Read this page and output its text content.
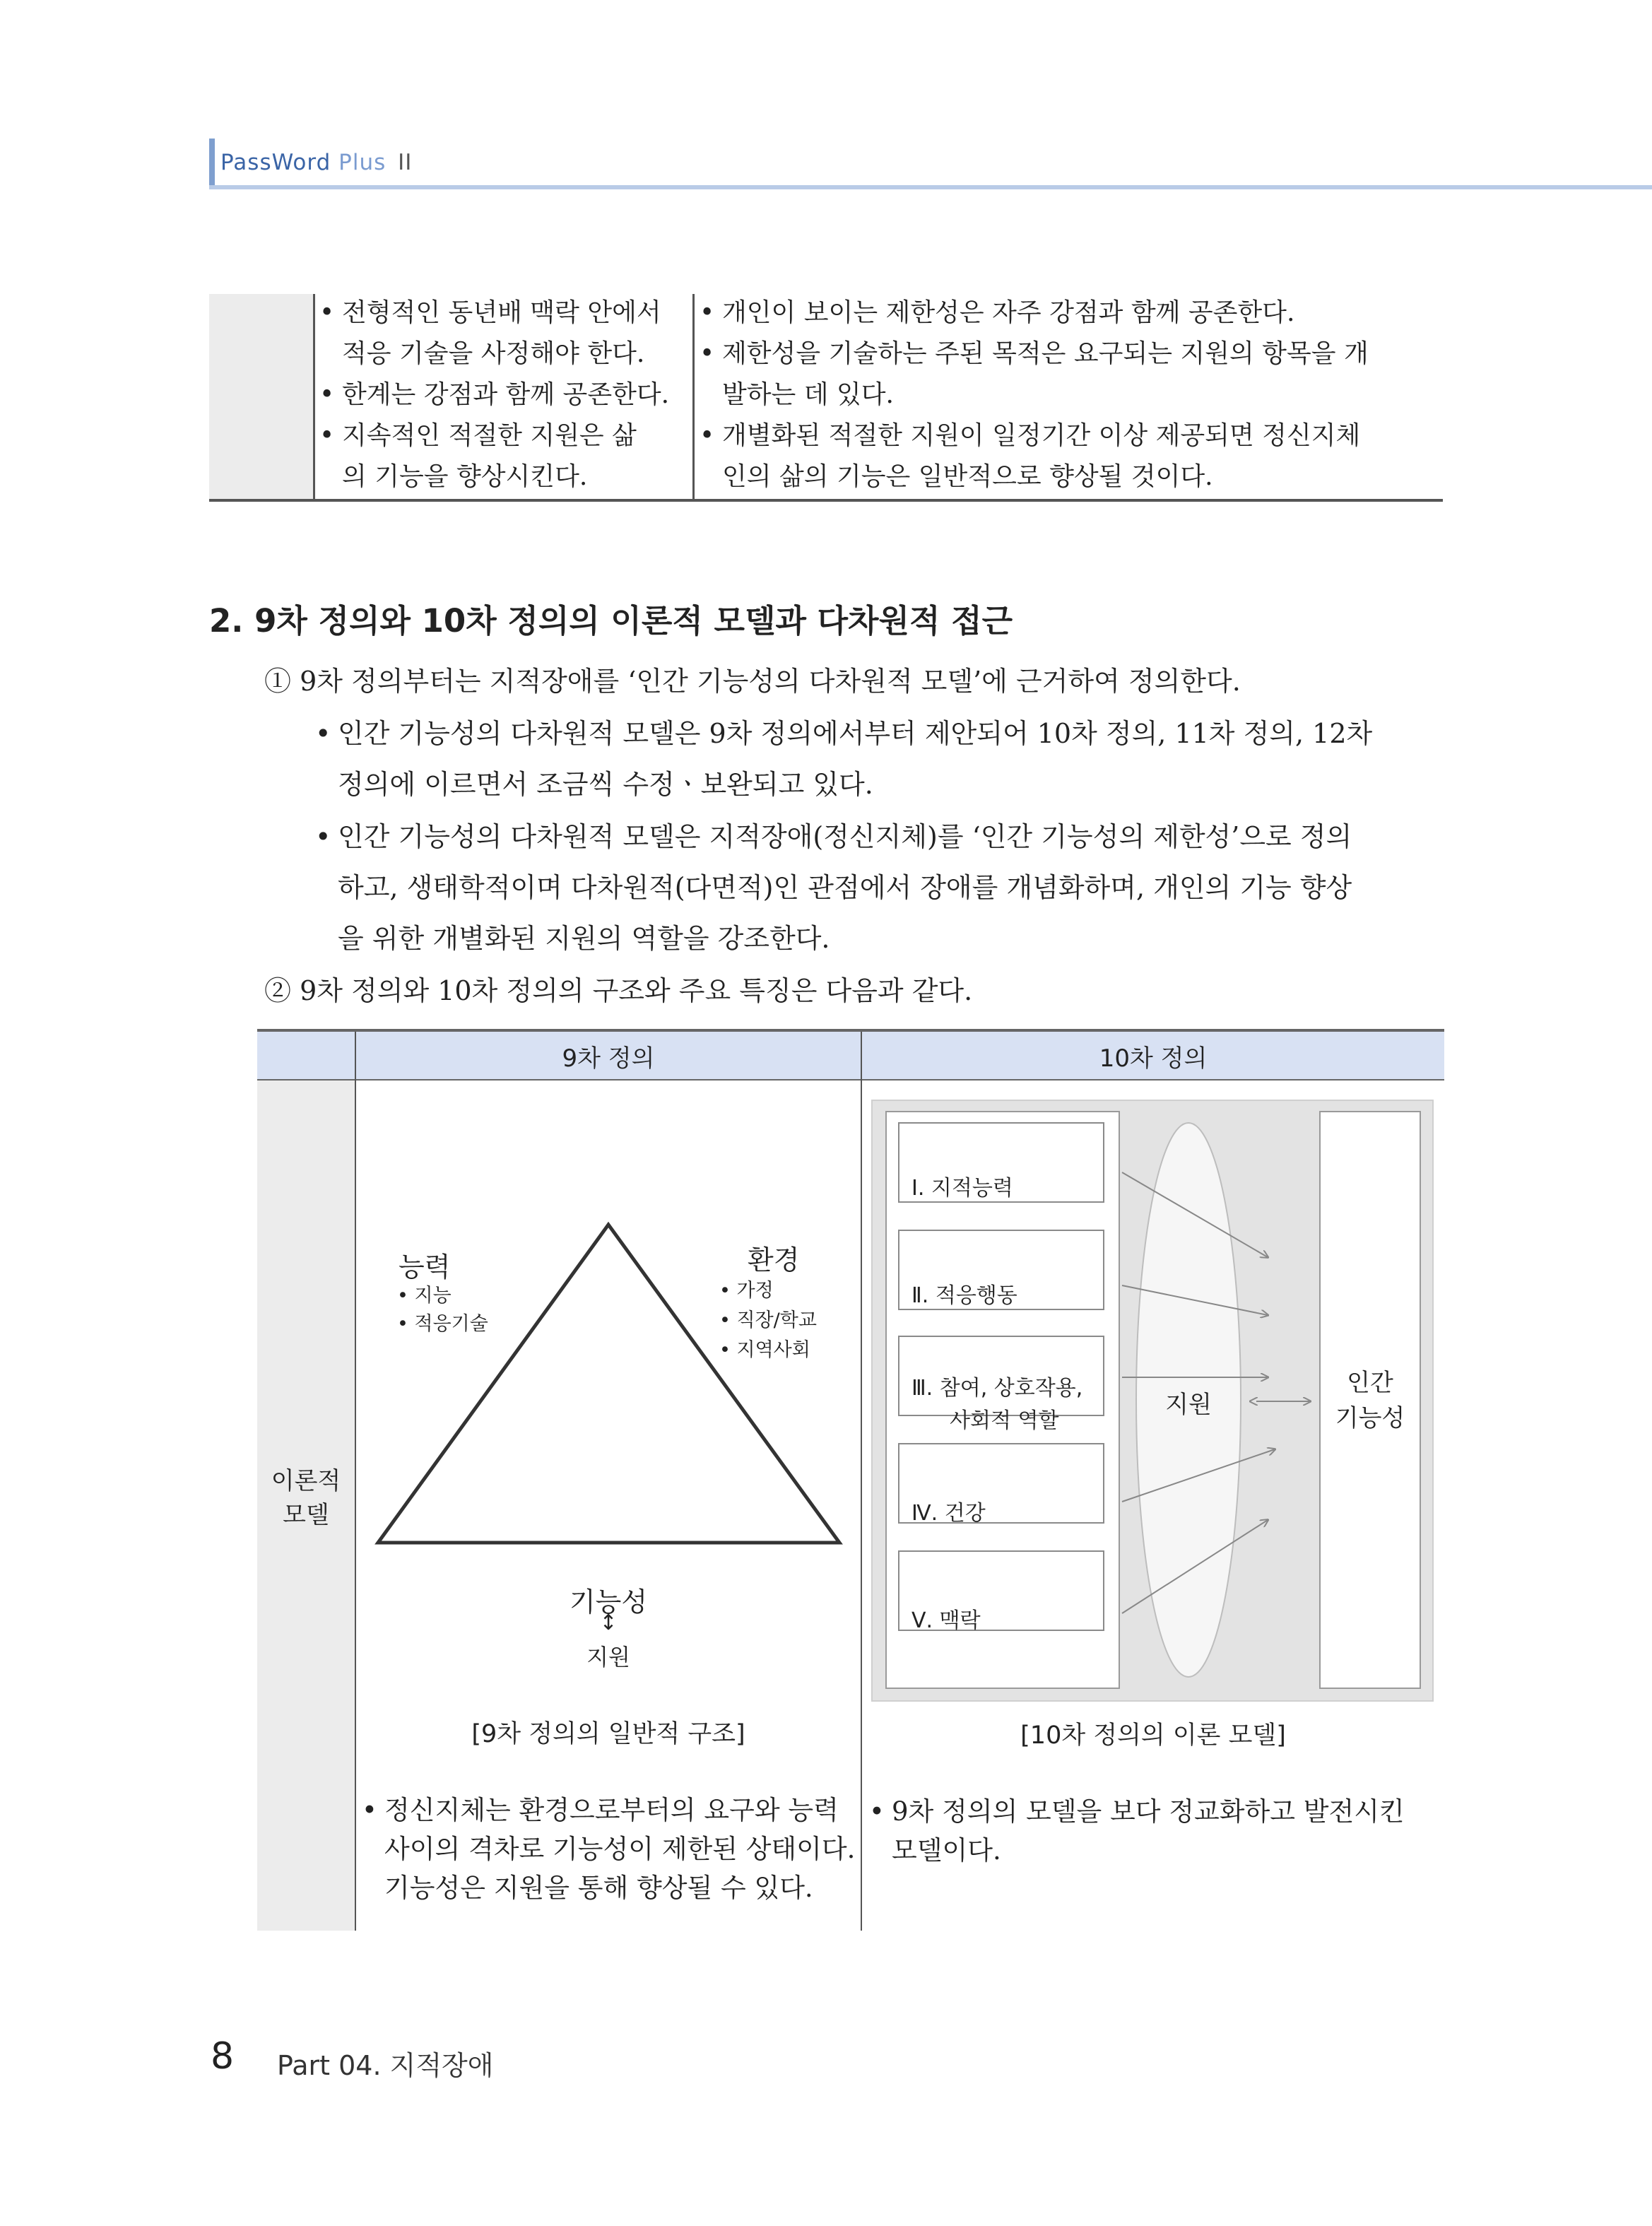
PassWord Plus II
• 전형적인 동년배 맥락 안에서
적응 기술을 사정해야 한다.
• 한계는 강점과 함께 공존한다.
• 지속적인 적절한 지원은 삶
의 기능을 향상시킨다.
• 개인이 보이는 제한성은 자주 강점과 함께 공존한다.
• 제한성을 기술하는 주된 목적은 요구되는 지원의 항목을 개
발하는 데 있다.
• 개별화된 적절한 지원이 일정기간 이상 제공되면 정신지체
인의 삶의 기능은 일반적으로 향상될 것이다.
2. 9차 정의와 10차 정의의 이론적 모델과 다차원적 접근
① 9차 정의부터는 지적장애를 ‘인간 기능성의 다차원적 모델’에 근거하여 정의한다.
• 인간 기능성의 다차원적 모델은 9차 정의에서부터 제안되어 10차 정의, 11차 정의, 12차
정의에 이르면서 조금씩 수정ㆍ보완되고 있다.
• 인간 기능성의 다차원적 모델은 지적장애(정신지체)를 ‘인간 기능성의 제한성’으로 정의
하고, 생태학적이며 다차원적(다면적)인 관점에서 장애를 개념화하며, 개인의 기능 향상
을 위한 개별화된 지원의 역할을 강조한다.
② 9차 정의와 10차 정의의 구조와 주요 특징은 다음과 같다.
9차 정의	10차 정의
이론적
모델
능력
• 지능
• 적응기술
환경
• 가정
• 직장/학교
• 지역사회
기능성
↕
지원
[9차 정의의 일반적 구조]
• 정신지체는 환경으로부터의 요구와 능력
사이의 격차로 기능성이 제한된 상태이다.
기능성은 지원을 통해 향상될 수 있다.
Ⅰ. 지적능력
Ⅱ. 적응행동
Ⅲ. 참여, 상호작용,
사회적 역할
Ⅳ. 건강
Ⅴ. 맥락
지원
인간
기능성
[10차 정의의 이론 모델]
• 9차 정의의 모델을 보다 정교화하고 발전시킨
모델이다.
8 Part 04. 지적장애
